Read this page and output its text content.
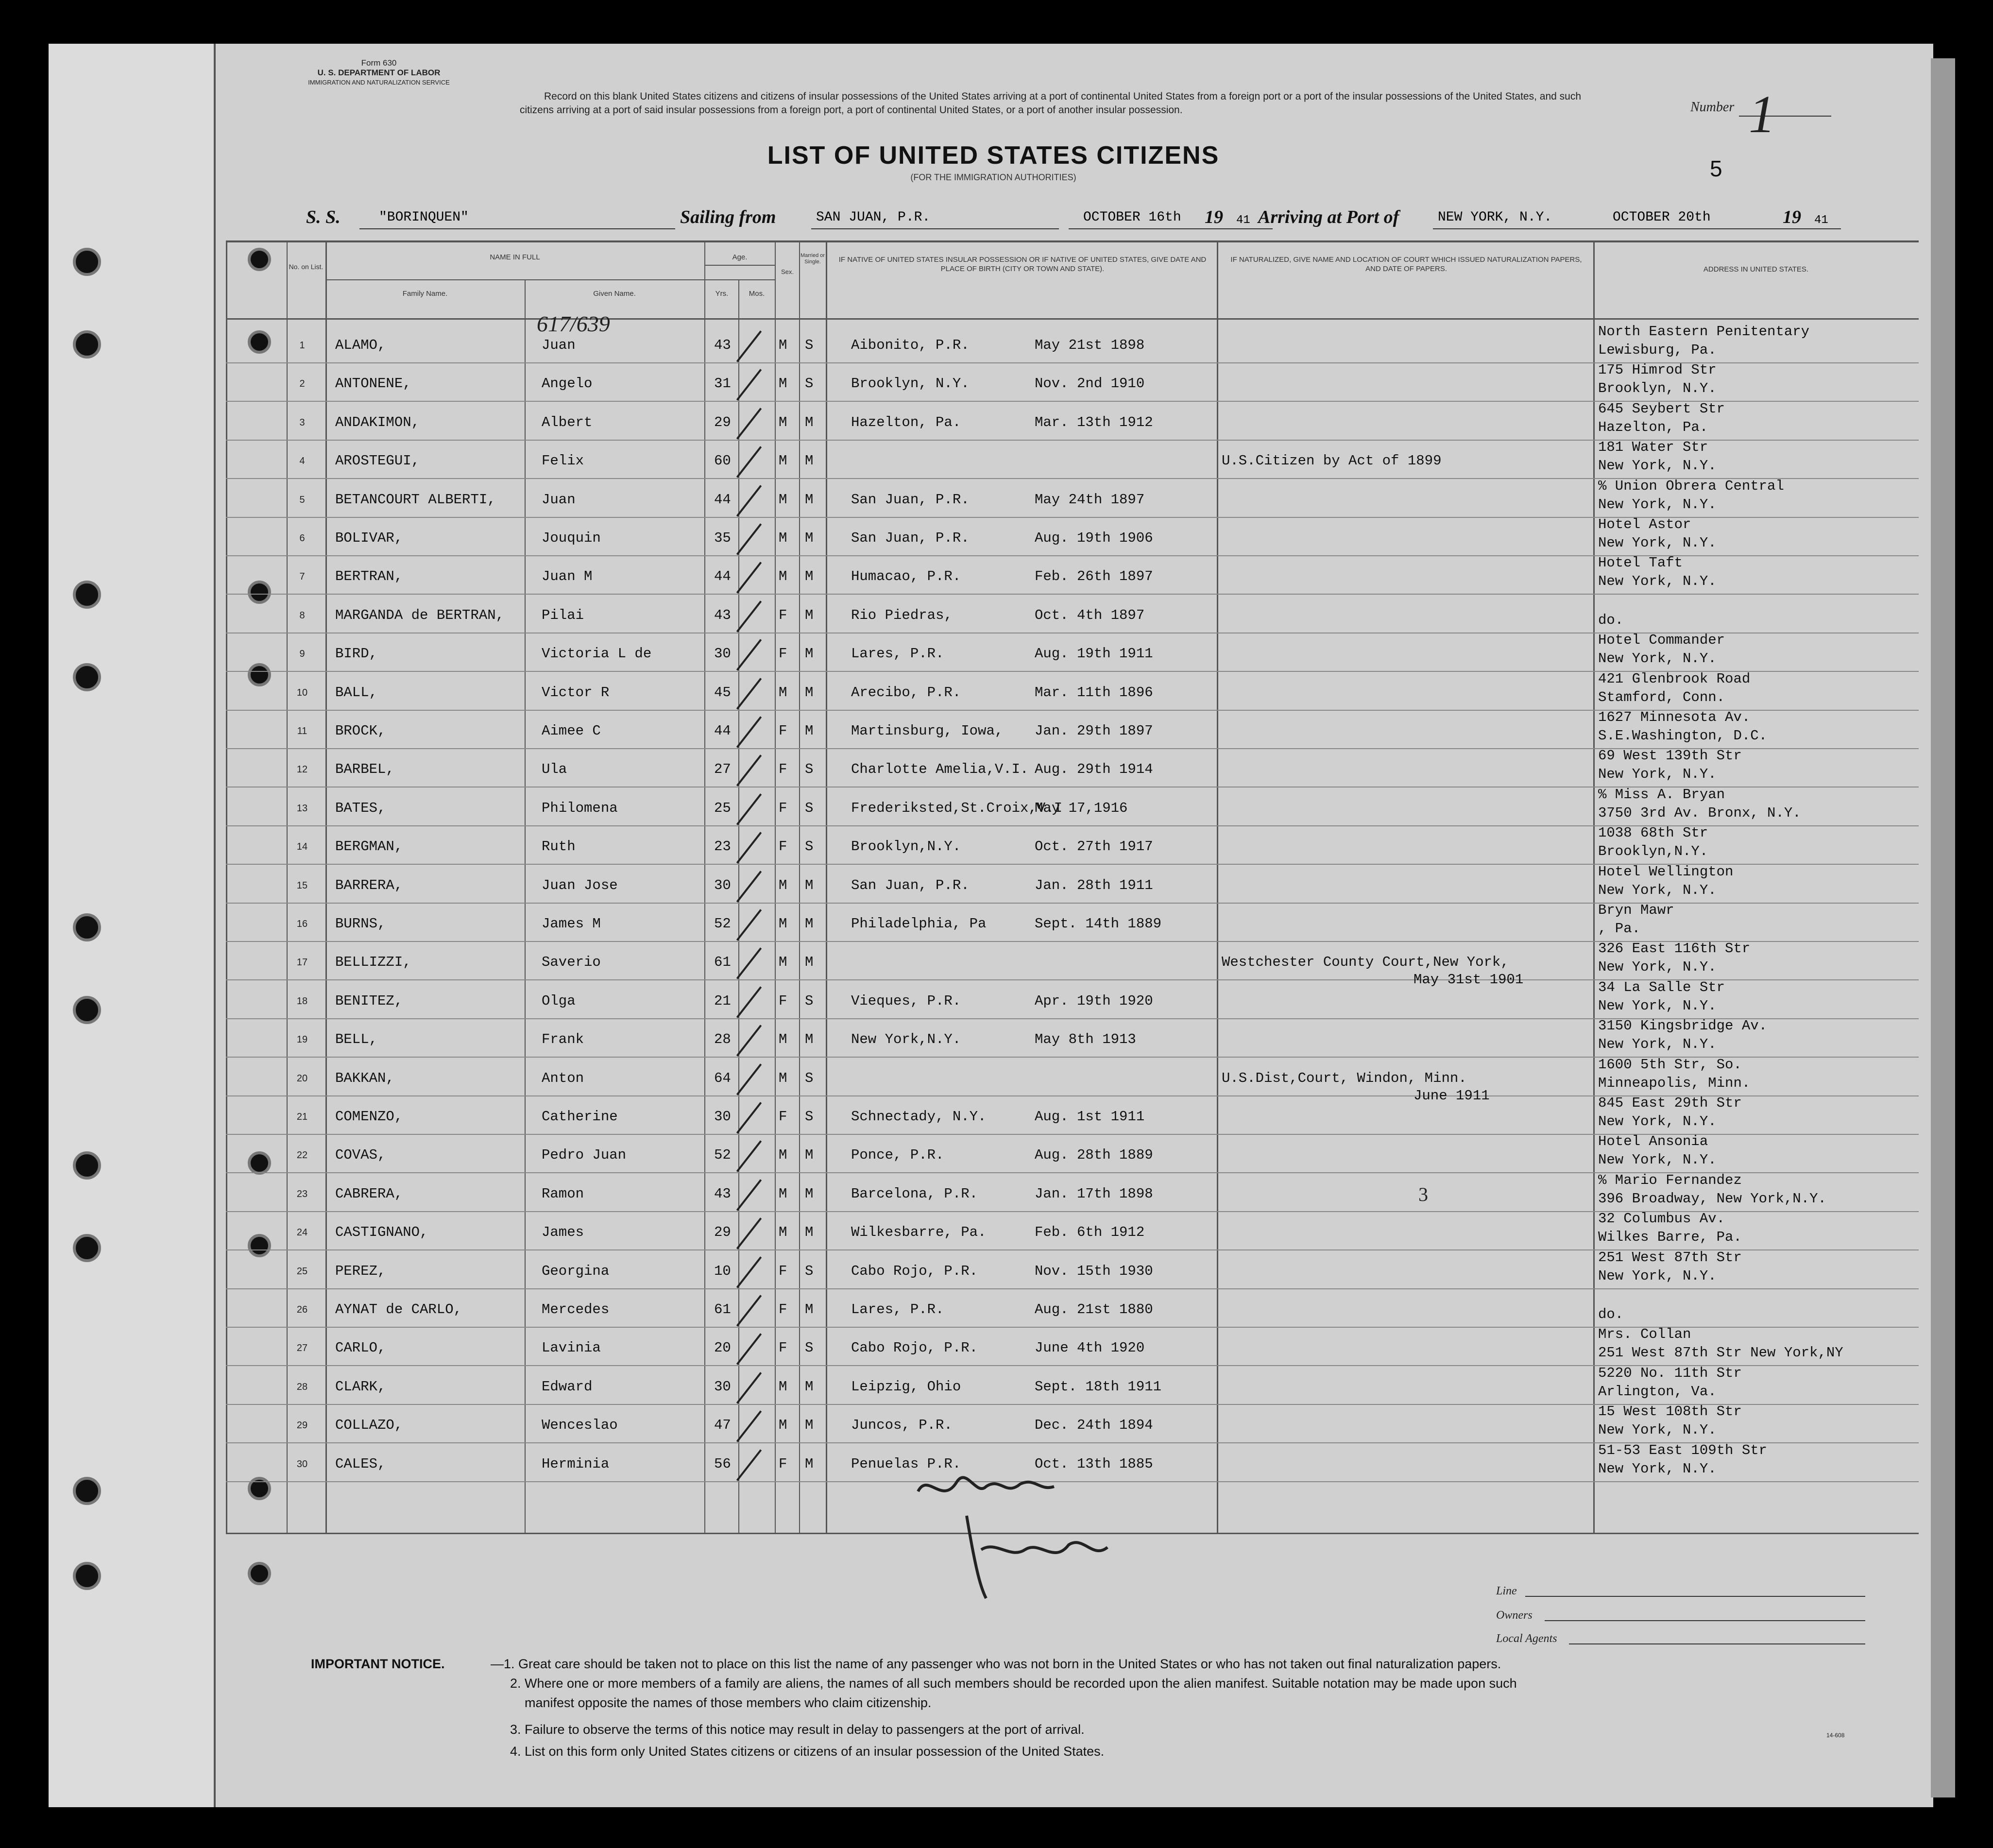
Form 630
U. S. DEPARTMENT OF LABOR
IMMIGRATION AND NATURALIZATION SERVICE
Record on this blank United States citizens and citizens of insular possessions of the United States arriving at a port of continental United States from a foreign port or a port of the insular possessions of the United States, and such citizens arriving at a port of said insular possessions from a foreign port, a port of continental United States, or a port of another insular possession.	Number 1
LIST OF UNITED STATES CITIZENS
(FOR THE IMMIGRATION AUTHORITIES)	5
S. S.	"BORINQUEN"	Sailing from	SAN JUAN, P.R.	OCTOBER 16th 19 41 Arriving at Port of	NEW YORK, N.Y.	OCTOBER 20th	19 41
No. on List.
NAME IN FULL
Family Name.	Given Name.
Age.
Yrs.	Mos.
Sex.
Married or Single.	IF NATIVE OF UNITED STATES INSULAR POSSESSION OR IF NATIVE OF UNITED STATES, GIVE DATE AND PLACE OF BIRTH (CITY OR TOWN AND STATE).
IF NATURALIZED, GIVE NAME AND LOCATION OF COURT WHICH ISSUED NATURALIZATION PAPERS, AND DATE OF PAPERS.	ADDRESS IN UNITED STATES.
617/639
1	ALAMO,	Juan	43	M S	Aibonito, P.R.	May 21st 1898
North Eastern Penitentary
Lewisburg, Pa.
2	ANTONENE,	Angelo	31	M S	Brooklyn, N.Y.	Nov. 2nd 1910
175 Himrod Str
Brooklyn, N.Y.
3	ANDAKIMON,	Albert	29	M M	Hazelton, Pa.	Mar. 13th 1912
645 Seybert Str
Hazelton, Pa.
4	AROSTEGUI,	Felix	60	M M	U.S.Citizen by Act of 1899
181 Water Str
New York, N.Y.
5	BETANCOURT ALBERTI,	Juan	44	M M	San Juan, P.R.	May 24th 1897
% Union Obrera Central
New York, N.Y.
6	BOLIVAR,	Jouquin	35	M M	San Juan, P.R.	Aug. 19th 1906
Hotel Astor
New York, N.Y.
7	BERTRAN,	Juan M	44	M M	Humacao, P.R.	Feb. 26th 1897
Hotel Taft
New York, N.Y.
8	MARGANDA de BERTRAN,	Pilai	43	F M	Rio Piedras,	Oct. 4th 1897	do.
9	BIRD,	Victoria L de	30	F M	Lares, P.R.	Aug. 19th 1911
Hotel Commander
New York, N.Y.
10	BALL,	Victor R	45	M M	Arecibo, P.R.	Mar. 11th 1896
421 Glenbrook Road
Stamford, Conn.
11	BROCK,	Aimee C	44	F M	Martinsburg, Iowa, Jan. 29th 1897
1627 Minnesota Av.
S.E.Washington, D.C.
12	BARBEL,	Ula	27	F S	Charlotte Amelia,V.I. Aug. 29th 1914
69 West 139th Str
New York, N.Y.
13	BATES,	Philomena	25	F S	Frederiksted,St.Croix,V.I
May 17,1916
% Miss A. Bryan
3750 3rd Av. Bronx, N.Y.
14	BERGMAN,	Ruth	23	F S	Brooklyn,N.Y.	Oct. 27th 1917
1038 68th Str
Brooklyn,N.Y.
15	BARRERA,	Juan Jose	30	M M	San Juan, P.R.	Jan. 28th 1911
Hotel Wellington
New York, N.Y.
16	BURNS,	James M	52	M M	Philadelphia, Pa	Sept. 14th 1889
Bryn Mawr
, Pa.
17	BELLIZZI,	Saverio	61	M M	Westchester County Court,New York,
May 31st 1901
326 East 116th Str
New York, N.Y.
18	BENITEZ,	Olga	21	F S	Vieques, P.R.	Apr. 19th 1920
34 La Salle Str
New York, N.Y.
19	BELL,	Frank	28	M M	New York,N.Y.	May 8th 1913
3150 Kingsbridge Av.
New York, N.Y.
20	BAKKAN,	Anton	64	M S	U.S.Dist,Court, Windon, Minn.
June 1911
1600 5th Str, So.
Minneapolis, Minn.
21	COMENZO,	Catherine	30	F S	Schnectady, N.Y.	Aug. 1st 1911
845 East 29th Str
New York, N.Y.
22	COVAS,	Pedro Juan	52	M M	Ponce, P.R.	Aug. 28th 1889
Hotel Ansonia
New York, N.Y.
23	CABRERA,	Ramon	43	M M	Barcelona, P.R.	Jan. 17th 1898
% Mario Fernandez
396 Broadway, New York,N.Y.
24	CASTIGNANO,	James	29	M M	Wilkesbarre, Pa.	Feb. 6th 1912
32 Columbus Av.
Wilkes Barre, Pa.
25	PEREZ,	Georgina	10	F S	Cabo Rojo, P.R.	Nov. 15th 1930
251 West 87th Str
New York, N.Y.
26	AYNAT de CARLO,	Mercedes	61	F M	Lares, P.R.	Aug. 21st 1880	do.
27	CARLO,	Lavinia	20	F S	Cabo Rojo, P.R.	June 4th 1920
Mrs. Collan
251 West 87th Str New York,NY
28	CLARK,	Edward	30	M M	Leipzig, Ohio	Sept. 18th 1911
5220 No. 11th Str
Arlington, Va.
29	COLLAZO,	Wenceslao	47	M M	Juncos, P.R.	Dec. 24th 1894
15 West 108th Str
New York, N.Y.
30	CALES,	Herminia	56	F M	Penuelas P.R.	Oct. 13th 1885
51-53 East 109th Str
New York, N.Y.
3
Line
Owners
Local Agents
IMPORTANT NOTICE.	—1. Great care should be taken not to place on this list the name of any passenger who was not born in the United States or who has not taken out final naturalization papers.
2. Where one or more members of a family are aliens, the names of all such members should be recorded upon the alien manifest. Suitable notation may be made upon such
manifest opposite the names of those members who claim citizenship.
3. Failure to observe the terms of this notice may result in delay to passengers at the port of arrival.
4. List on this form only United States citizens or citizens of an insular possession of the United States.
14-608
